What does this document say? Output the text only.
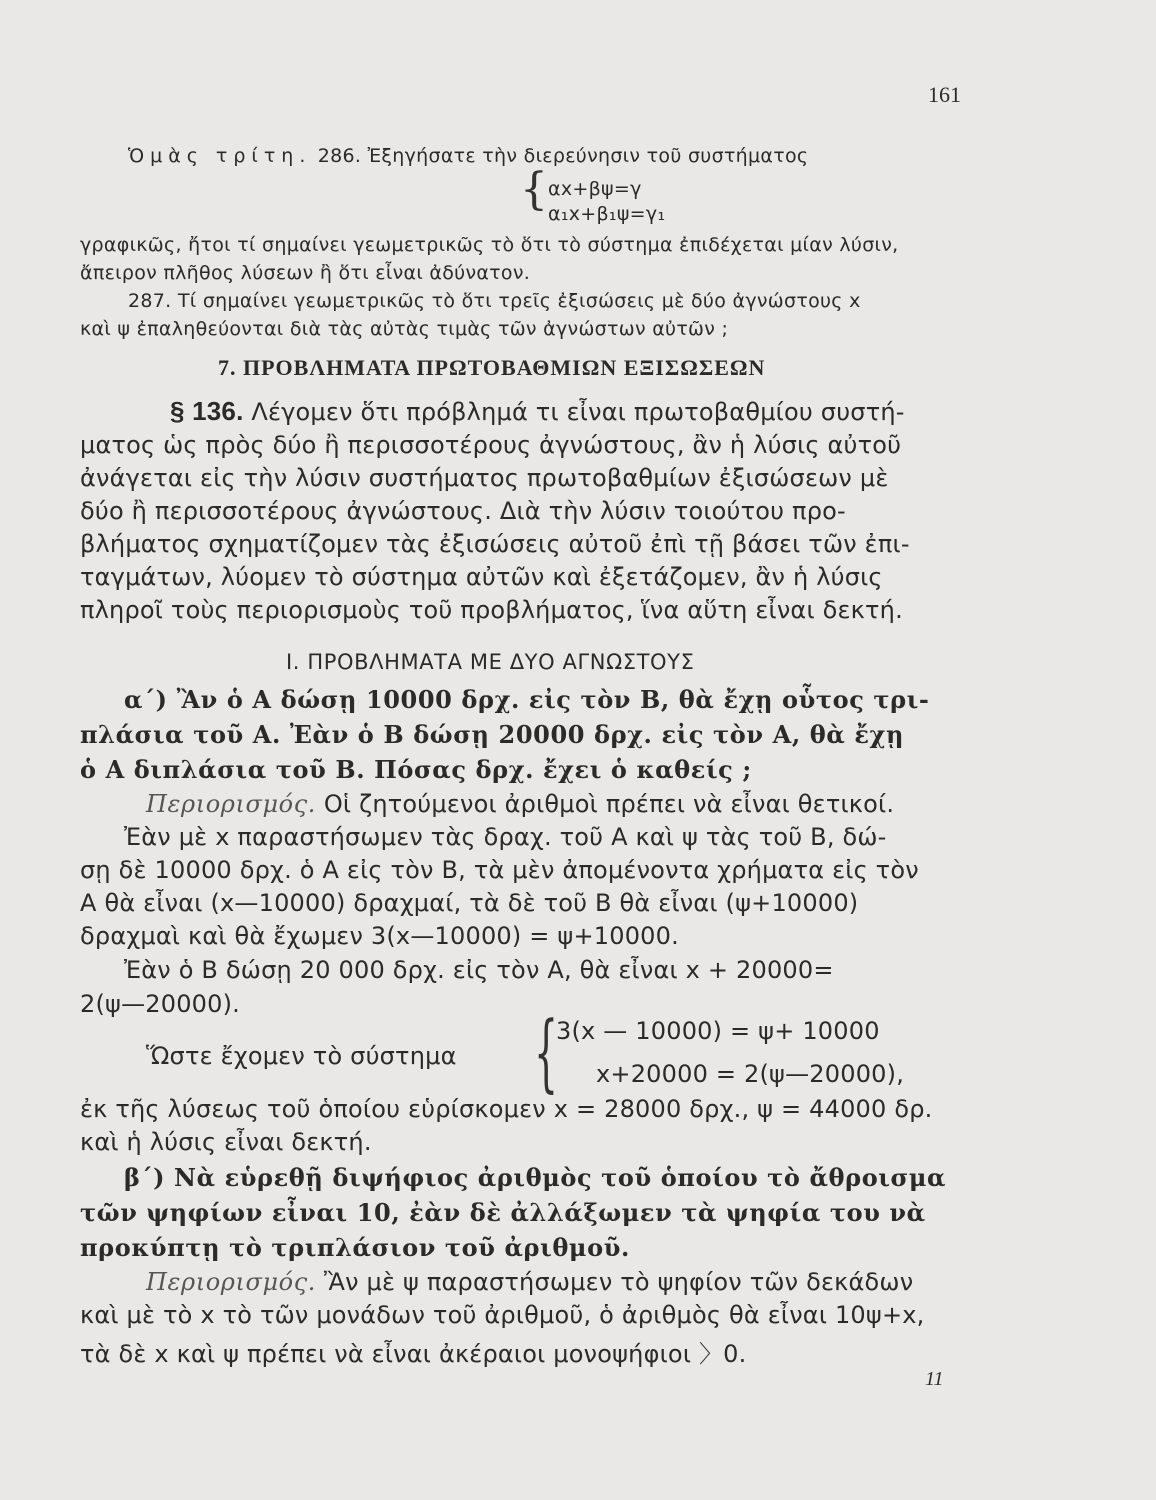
161
Ὁμὰς τρίτη. 286. Ἐξηγήσατε τὴν διερεύνησιν τοῦ συστήματος
{ αx+βψ=γ
α₁x+β₁ψ=γ₁
γραφικῶς, ἤτοι τί σημαίνει γεωμετρικῶς τὸ ὅτι τὸ σύστημα ἐπιδέχεται μίαν λύσιν,
ἄπειρον πλῆθος λύσεων ἢ ὅτι εἶναι ἀδύνατον.
287. Τί σημαίνει γεωμετρικῶς τὸ ὅτι τρεῖς ἐξισώσεις μὲ δύο ἀγνώστους x
καὶ ψ ἐπαληθεύονται διὰ τὰς αὐτὰς τιμὰς τῶν ἀγνώστων αὐτῶν ;
7. ΠΡΟΒΛΗΜΑΤΑ ΠΡΩΤΟΒΑΘΜΙΩΝ ΕΞΙΣΩΣΕΩΝ
§ 136. Λέγομεν ὅτι πρόβλημά τι εἶναι πρωτοβαθμίου συστή-
ματος ὡς πρὸς δύο ἢ περισσοτέρους ἀγνώστους, ἂν ἡ λύσις αὐτοῦ
ἀνάγεται εἰς τὴν λύσιν συστήματος πρωτοβαθμίων ἐξισώσεων μὲ
δύο ἢ περισσοτέρους ἀγνώστους. Διὰ τὴν λύσιν τοιούτου προ-
βλήματος σχηματίζομεν τὰς ἐξισώσεις αὐτοῦ ἐπὶ τῇ βάσει τῶν ἐπι-
ταγμάτων, λύομεν τὸ σύστημα αὐτῶν καὶ ἐξετάζομεν, ἂν ἡ λύσις
πληροῖ τοὺς περιορισμοὺς τοῦ προβλήματος, ἵνα αὕτη εἶναι δεκτή.
Ι. ΠΡΟΒΛΗΜΑΤΑ ΜΕ ΔΥΟ ΑΓΝΩΣΤΟΥΣ
α΄) Ἂν ὁ Α δώσῃ 10000 δρχ. εἰς τὸν Β, θὰ ἔχῃ οὗτος τρι-
πλάσια τοῦ Α. Ἐὰν ὁ Β δώσῃ 20000 δρχ. εἰς τὸν Α, θὰ ἔχῃ
ὁ Α διπλάσια τοῦ Β. Πόσας δρχ. ἔχει ὁ καθείς ;
Περιορισμός. Οἱ ζητούμενοι ἀριθμοὶ πρέπει νὰ εἶναι θετικοί.
Ἐὰν μὲ x παραστήσωμεν τὰς δραχ. τοῦ Α καὶ ψ τὰς τοῦ Β, δώ-
σῃ δὲ 10000 δρχ. ὁ Α εἰς τὸν Β, τὰ μὲν ἀπομένοντα χρήματα εἰς τὸν
Α θὰ εἶναι (x—10000) δραχμαί, τὰ δὲ τοῦ Β θὰ εἶναι (ψ+10000)
δραχμαὶ καὶ θὰ ἔχωμεν 3(x—10000) = ψ+10000.
Ἐὰν ὁ Β δώσῃ 20 000 δρχ. εἰς τὸν Α, θὰ εἶναι x + 20000=
2(ψ—20000).
Ὥστε ἔχομεν τὸ σύστημα {
3(x — 10000) = ψ+ 10000
x+20000 = 2(ψ—20000),
ἐκ τῆς λύσεως τοῦ ὁποίου εὑρίσκομεν x = 28000 δρχ., ψ = 44000 δρ.
καὶ ἡ λύσις εἶναι δεκτή.
β΄) Νὰ εὑρεθῇ διψήφιος ἀριθμὸς τοῦ ὁποίου τὸ ἄθροισμα
τῶν ψηφίων εἶναι 10, ἐὰν δὲ ἀλλάξωμεν τὰ ψηφία του νὰ
προκύπτῃ τὸ τριπλάσιον τοῦ ἀριθμοῦ.
Περιορισμός. Ἂν μὲ ψ παραστήσωμεν τὸ ψηφίον τῶν δεκάδων
καὶ μὲ τὸ x τὸ τῶν μονάδων τοῦ ἀριθμοῦ, ὁ ἀριθμὸς θὰ εἶναι 10ψ+x,
τὰ δὲ x καὶ ψ πρέπει νὰ εἶναι ἀκέραιοι μονοψήφιοι 〉0.
11
